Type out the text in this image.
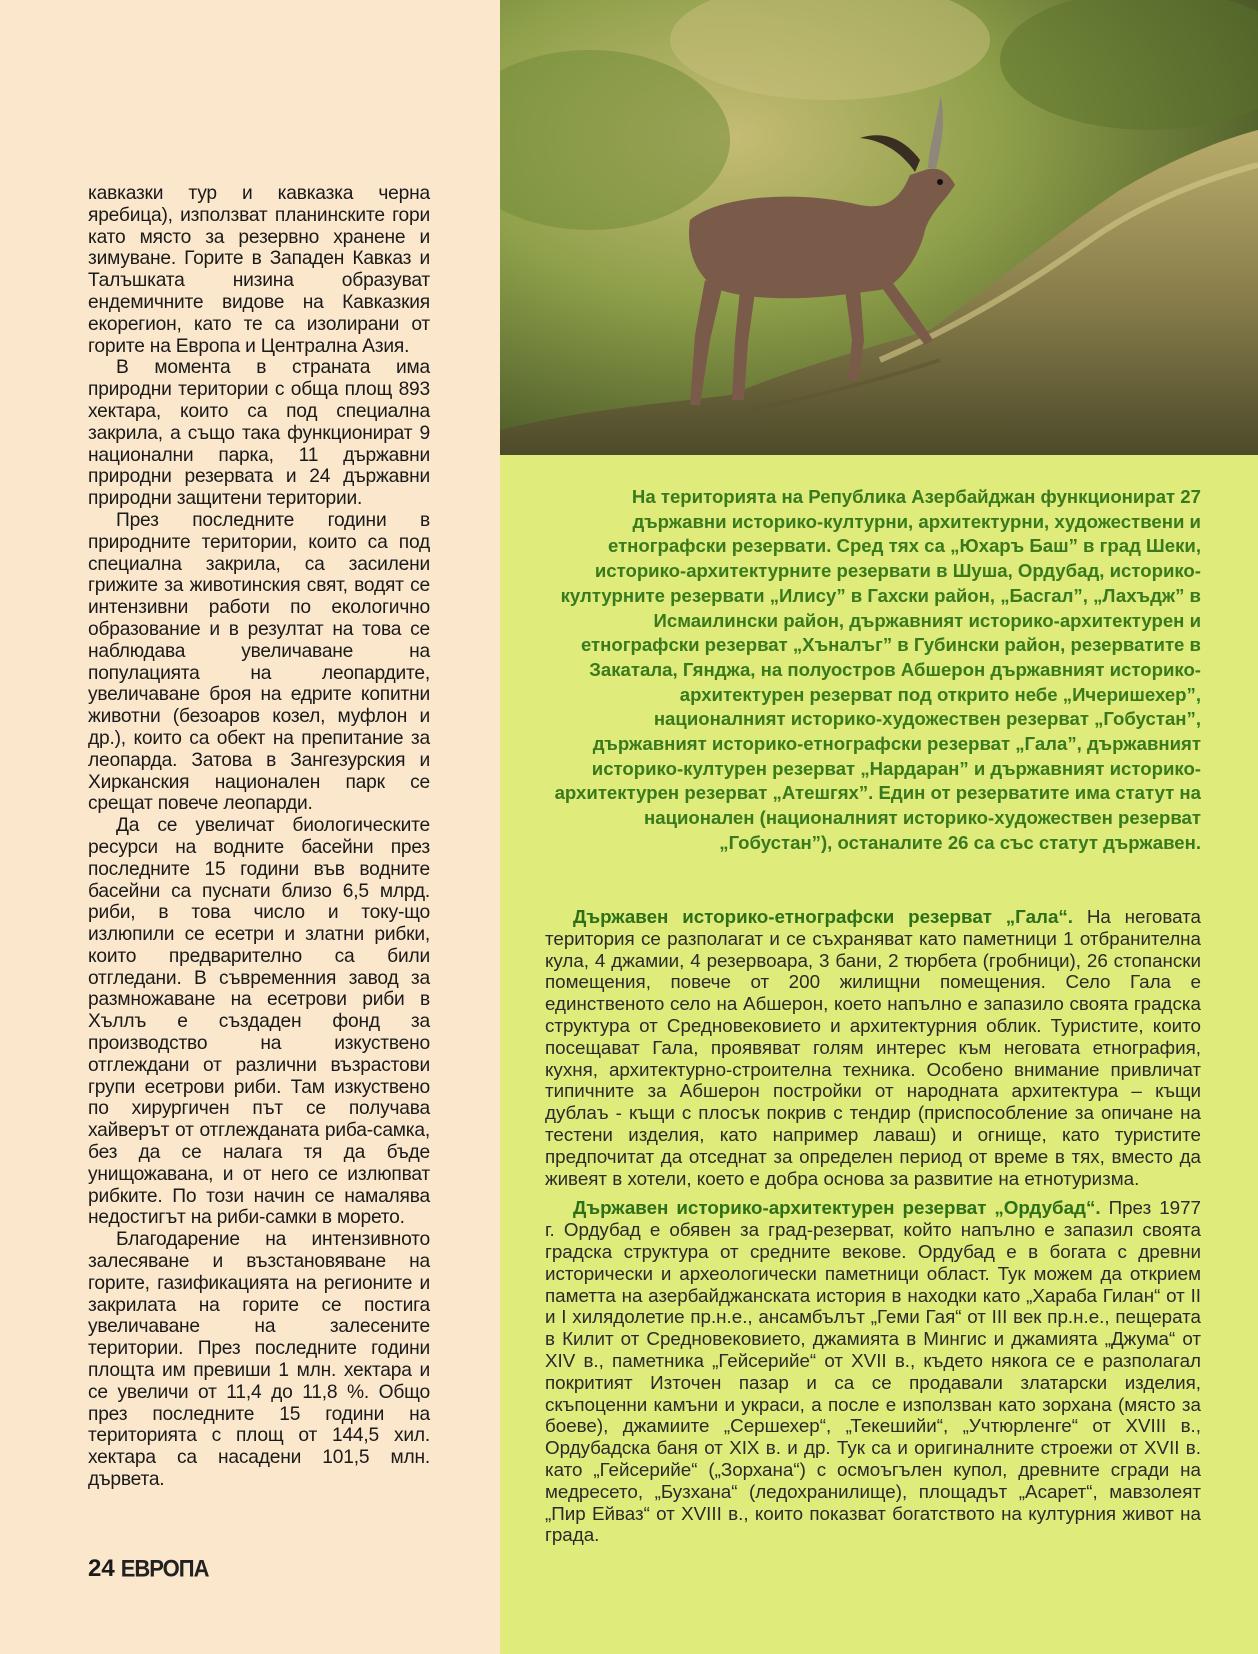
кавказки тур и кавказка черна яребица), използват планинските гори като място за резервно хранене и зимуване. Горите в Западен Кавказ и Талъшката низина образуват ендемичните видове на Кавказкия екорегион, като те са изолирани от горите на Европа и Централна Азия.

В момента в страната има природни територии с обща площ 893 хектара, които са под специална закрила, а също така функционират 9 национални парка, 11 държавни природни резервата и 24 държавни природни защитени територии.

През последните години в природните територии, които са под специална закрила, са засилени грижите за животинския свят, водят се интензивни работи по екологично образование и в резултат на това се наблюдава увеличаване на популацията на леопардите, увеличаване броя на едрите копитни животни (безоаров козел, муфлон и др.), които са обект на препитание за леопарда. Затова в Зангезурския и Хирканския национален парк се срещат повече леопарди.

Да се увеличат биологическите ресурси на водните басейни през последните 15 години във водните басейни са пуснати близо 6,5 млрд. риби, в това число и току-що излюпили се есетри и златни рибки, които предварително са били отгледани. В съвременния завод за размножаване на есетрови риби в Хъллъ е създаден фонд за производство на изкуствено отглеждани от различни възрастови групи есетрови риби. Там изкуствено по хирургичен път се получава хайверът от отглежданата риба-самка, без да се налага тя да бъде унищожавана, и от него се излюпват рибките. По този начин се намалява недостигът на риби-самки в морето.

Благодарение на интензивното залесяване и възстановяване на горите, газификацията на регионите и закрилата на горите се постига увеличаване на залесените територии. През последните години площта им превиши 1 млн. хектара и се увеличи от 11,4 до 11,8 %. Общо през последните 15 години на територията с площ от 144,5 хил. хектара са насадени 101,5 млн. дървета.

На територията на Република Азербайджан функционират 27 държавни историко-културни, архитектурни, художествени и етнографски резервати. Сред тях са „Юхаръ Баш” в град Шеки, историко-архитектурните резервати в Шуша, Ордубад, историко-културните резервати „Илису” в Гахски район, „Басгал”, „Лахъдж” в Исмаилински район, държавният историко-архитектурен и етнографски резерват „Хъналъг” в Губински район, резерватите в Закатала, Гянджа, на полуостров Абшерон държавният историко-архитектурен резерват под открито небе „Ичеришехер”, националният историко-художествен резерват „Гобустан”, държавният историко-етнографски резерват „Гала”, държавният историко-културен резерват „Нардаран” и държавният историко-архитектурен резерват „Атешгях”. Един от резерватите има статут на национален (националният историко-художествен резерват „Гобустан”), останалите 26 са със статут държавен.

Държавен историко-етнографски резерват „Гала“. На неговата територия се разполагат и се съхраняват като паметници 1 отбранителна кула, 4 джамии, 4 резервоара, 3 бани, 2 тюрбета (гробници), 26 стопански помещения, повече от 200 жилищни помещения. Село Гала е единственото село на Абшерон, което напълно е запазило своята градска структура от Средновековието и архитектурния облик. Туристите, които посещават Гала, проявяват голям интерес към неговата етнография, кухня, архитектурно-строителна техника. Особено внимание привличат типичните за Абшерон постройки от народната архитектура – къщи дублаъ - къщи с плосък покрив с тендир (приспособление за опичане на тестени изделия, като например лаваш) и огнище, като туристите предпочитат да отседнат за определен период от време в тях, вместо да живеят в хотели, което е добра основа за развитие на етнотуризма.

Държавен историко-архитектурен резерват „Ордубад“. През 1977 г. Ордубад е обявен за град-резерват, който напълно е запазил своята градска структура от средните векове. Ордубад е в богата с древни исторически и археологически паметници област. Тук можем да открием паметта на азербайджанската история в находки като „Хараба Гилан“ от II и I хилядолетие пр.н.е., ансамбълът „Геми Гая“ от III век пр.н.е., пещерата в Килит от Средновековието, джамията в Мингис и джамията „Джума“ от XIV в., паметника „Гейсерийе“ от XVII в., където някога се е разполагал покритият Източен пазар и са се продавали златарски изделия, скъпоценни камъни и украси, а после е използван като зорхана (място за боеве), джамиите „Сершехер“, „Текешийи“, „Учтюрленге“ от XVIII в., Ордубадска баня от XIX в. и др. Тук са и оригиналните строежи от XVII в. като „Гейсерийе“ („Зорхана“) с осмоъгълен купол, древните сгради на медресето, „Бузхана“ (ледохранилище), площадът „Асарет“, мавзолеят „Пир Ейваз“ от XVIII в., които показват богатството на културния живот на града.

24 ЕВРОПА
